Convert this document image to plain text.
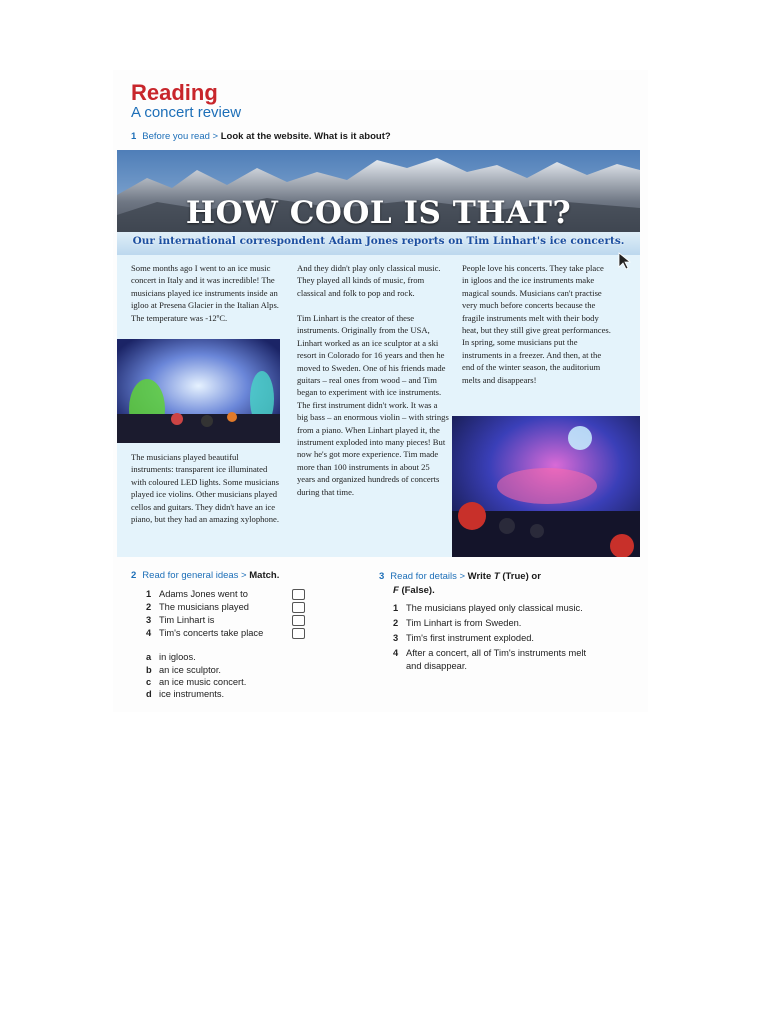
Reading
A concert review
1 Before you read > Look at the website. What is it about?
HOW COOL IS THAT?
Our international correspondent Adam Jones reports on Tim Linhart's ice concerts.
Some months ago I went to an ice music concert in Italy and it was incredible! The musicians played ice instruments inside an igloo at Presena Glacier in the Italian Alps. The temperature was -12ºC.
The musicians played beautiful instruments: transparent ice illuminated with coloured LED lights. Some musicians played ice violins. Other musicians played cellos and guitars. They didn't have an ice piano, but they had an amazing xylophone.
And they didn't play only classical music. They played all kinds of music, from classical and folk to pop and rock.
Tim Linhart is the creator of these instruments. Originally from the USA, Linhart worked as an ice sculptor at a ski resort in Colorado for 16 years and then he moved to Sweden. One of his friends made guitars – real ones from wood – and Tim began to experiment with ice instruments. The first instrument didn't work. It was a big bass – an enormous violin – with strings from a piano. When Linhart played it, the instrument exploded into many pieces! But now he's got more experience. Tim made more than 100 instruments in about 25 years and organized hundreds of concerts during that time.
People love his concerts. They take place in igloos and the ice instruments make magical sounds. Musicians can't practise very much before concerts because the fragile instruments melt with their body heat, but they still give great performances. In spring, some musicians put the instruments in a freezer. And then, at the end of the winter season, the auditorium melts and disappears!
2 Read for general ideas > Match.
1 Adams Jones went to
2 The musicians played
3 Tim Linhart is
4 Tim's concerts take place
a in igloos.
b an ice sculptor.
c an ice music concert.
d ice instruments.
3 Read for details > Write T (True) or
F (False).
1 The musicians played only classical music.
2 Tim Linhart is from Sweden.
3 Tim's first instrument exploded.
4 After a concert, all of Tim's instruments melt
and disappear.
